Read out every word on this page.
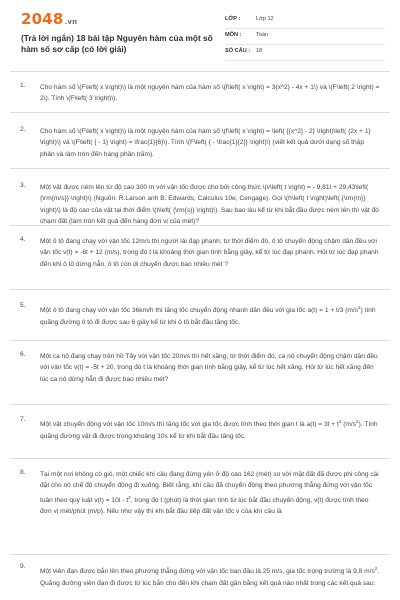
2048.vn
(Trả lời ngắn) 18 bài tập Nguyên hàm của một số hàm số sơ cấp (có lời giải)
LỚP :	Lớp 12
MÔN :	Toán
SỐ CÂU : 18
1. Cho hàm số \(F\left( x \right)\) là một nguyên hàm của hàm số \(f\left( x \right) = 3{x^2} - 4x + 1\) và \(F\left( 2 \right) = 2\). Tính \(F\left( 3 \right)\).
2. Cho hàm số \(F\left( x \right)\) là một nguyên hàm của hàm số \(f\left( x \right) = \left( {{x^2} - 2} \right)\left( {2x + 1} \right)\) và \(F\left( { - 1} \right) = \frac{1}{6}\). Tính \(F\left( { - \frac{1}{2}} \right)\) (viết kết quả dưới dạng số thập phân và làm tròn đến hàng phần trăm).
3. Một vật được ném lên từ độ cao 300 m với vận tốc được cho bởi công thức \(v\left( t \right) = - 9,81t + 29,43\left( {\rm{m/s}} \right)\) (Nguồn: R.Larson anh B. Edwards, Calculus 10e, Cengage). Gọi \(h\left( t \right)\left( {\rm{m}} \right)\) là độ cao của vật tại thời điểm \(t\left( {\rm{s}} \right)\). Sau bao lâu kể từ khi bắt đầu được ném lên thì vật đó chạm đất (làm tròn kết quả đến hàng đơn vị của mét)?
4. Một ô tô đang chạy với vận tốc 12m/s thì người lái đạp phanh; từ thời điểm đó, ô tô chuyển động chậm dần đều với vận tốc v(t) = -6t + 12 (m/s), trong đó t là khoảng thời gian tính bằng giây, kể từ lúc đạp phanh. Hỏi từ lúc đạp phanh đến khi ô tô dừng hẳn, ô tô còn di chuyển được bao nhiêu mét ?
5.
Một ô tô đang chạy với vận tốc 36km/h thì tăng tốc chuyển động nhanh dần đều với gia tốc a(t) = 1 + t/3 $(m/s^2)$ tính quãng đường ô tô đi được sau 6 giây kể từ khi ô tô bắt đầu tăng tốc.
6. Một ca nô đang chạy trên hồ Tây với vận tốc 20m/s thì hết xăng; từ thời điểm đó, ca nô chuyển động chậm dần đều với vận tốc v(t) = -5t + 20, trong đó t là khoảng thời gian tính bằng giây, kể từ lúc hết xăng. Hỏi từ lúc hết xăng đến lúc ca nô dừng hẳn đi được bao nhiêu mét?
7.
Một vật chuyển động với vận tốc 10m/s thì tăng tốc với gia tốc được tính theo thời gian t là $a(t) = 3t + t^2$ $(m/s^2)$. Tính quãng đường vật đi được trong khoảng 10s kể từ khi bắt đầu tăng tốc.
8. Tại một nơi không có gió, một chiếc khí cầu đang đứng yên ở độ cao 162 (mét) so với mặt đất đã được phi công cài đặt cho nó chế độ chuyển động đi xuống. Biết rằng, khí cầu đã chuyển động theo phương thẳng đứng với vận tốc tuân theo quy luật $v(t) = 10t - t^2$, trong đó t (phút) là thời gian tính từ lúc bắt đầu chuyển động, v(t) được tính theo đơn vị mét/phút (m/p). Nếu như vậy thì khi bắt đầu tiếp đất vận tốc v của khí cầu là
9.
Một viên đạn được bắn lên theo phương thẳng đứng với vận tốc ban đầu là 25 m/s, gia tốc trọng trường là 9,8 $m/s^2$. Quãng đường viên đạn đi được từ lúc bắn cho đến khi chạm đất gần bằng kết quả nào nhất trong các kết quả sau:
